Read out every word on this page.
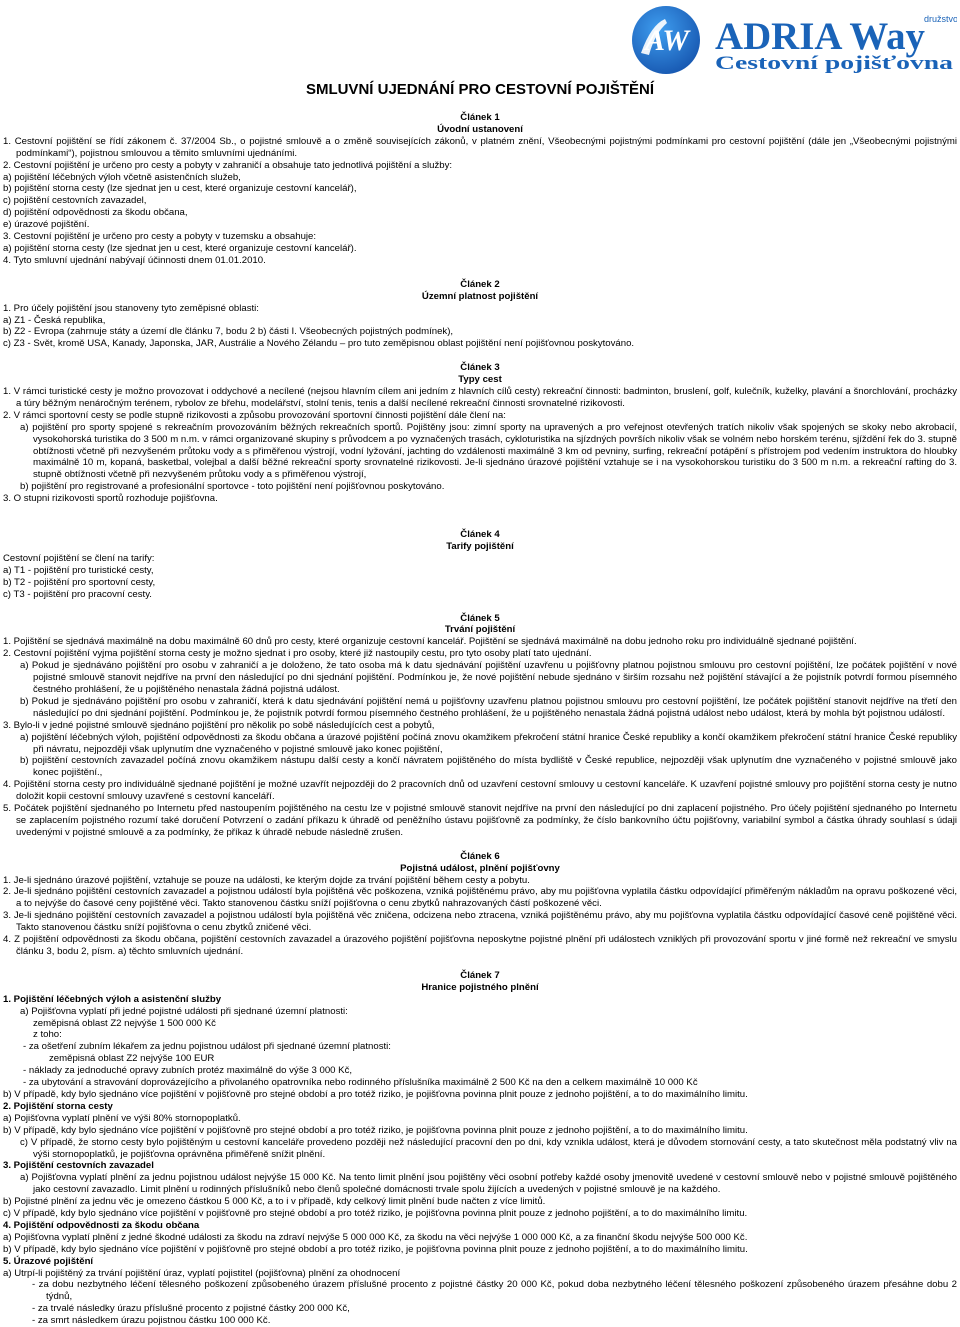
AW ADRIA Way
družstvo
Cestovní pojišťovna
SMLUVNÍ UJEDNÁNÍ PRO CESTOVNÍ POJIŠTĚNÍ
Článek 1
Úvodní ustanovení
1. Cestovní pojištění se řídí zákonem č. 37/2004 Sb., o pojistné smlouvě a o změně souvisejících zákonů, v platném znění, Všeobecnými pojistnými podmínkami pro cestovní pojištění (dále jen „Všeobecnými pojistnými podmínkami“), pojistnou smlouvou a těmito smluvními ujednáními.
2. Cestovní pojištění je určeno pro cesty a pobyty v zahraničí a obsahuje tato jednotlivá pojištění a služby:
a) pojištění léčebných výloh včetně asistenčních služeb,
b) pojištění storna cesty (lze sjednat jen u cest, které organizuje cestovní kancelář),
c) pojištění cestovních zavazadel,
d) pojištění odpovědnosti za škodu občana,
e) úrazové pojištění.
3. Cestovní pojištění je určeno pro cesty a pobyty v tuzemsku a obsahuje:
a) pojištění storna cesty (lze sjednat jen u cest, které organizuje cestovní kancelář).
4. Tyto smluvní ujednání nabývají účinnosti dnem 01.01.2010.
Článek 2
Územní platnost pojištění
1. Pro účely pojištění jsou stanoveny tyto zeměpisné oblasti:
a) Z1 - Česká republika,
b) Z2 - Evropa (zahrnuje státy a území dle článku 7, bodu 2 b) části I. Všeobecných pojistných podmínek),
c) Z3 - Svět, kromě USA, Kanady, Japonska, JAR, Austrálie a Nového Zélandu – pro tuto zeměpisnou oblast pojištění není pojišťovnou poskytováno.
Článek 3
Typy cest
1. V rámci turistické cesty je možno provozovat i oddychové a necílené (nejsou hlavním cílem ani jedním z hlavních cílů cesty) rekreační činnosti: badminton, bruslení, golf, kulečník, kuželky, plavání a šnorchlování, procházky a túry běžným nenáročným terénem, rybolov ze břehu, modelářství, stolní tenis, tenis a další necílené rekreační činnosti srovnatelné rizikovosti.
2. V rámci sportovní cesty se podle stupně rizikovosti a způsobu provozování sportovní činnosti pojištění dále člení na:
a) pojištění pro sporty spojené s rekreačním provozováním běžných rekreačních sportů. Pojištěny jsou: zimní sporty na upravených a pro veřejnost otevřených tratích nikoliv však spojených se skoky nebo akrobacií, vysokohorská turistika do 3 500 m n.m. v rámci organizované skupiny s průvodcem a po vyznačených trasách, cykloturistika na sjízdných površích nikoliv však se volném nebo horském terénu, sjíždění řek do 3. stupně obtížnosti včetně při nezvyšeném průtoku vody a s přiměřenou výstrojí, vodní lyžování, jachting do vzdálenosti maximálně 3 km od pevniny, surfing, rekreační potápění s přístrojem pod vedením instruktora do hloubky maximálně 10 m, kopaná, basketbal, volejbal a další běžné rekreační sporty srovnatelné rizikovosti. Je-li sjednáno úrazové pojištění vztahuje se i na vysokohorskou turistiku do 3 500 m n.m. a rekreační rafting do 3. stupně obtížnosti včetně při nezvyšeném průtoku vody a s přiměřenou výstrojí,
b) pojištění pro registrované a profesionální sportovce - toto pojištění není pojišťovnou poskytováno.
3. O stupni rizikovosti sportů rozhoduje pojišťovna.
Článek 4
Tarify pojištění
Cestovní pojištění se člení na tarify:
a) T1 - pojištění pro turistické cesty,
b) T2 - pojištění pro sportovní cesty,
c) T3 - pojištění pro pracovní cesty.
Článek 5
Trvání pojištění
1. Pojištění se sjednává maximálně na dobu maximálně 60 dnů pro cesty, které organizuje cestovní kancelář. Pojištění se sjednává maximálně na dobu jednoho roku pro individuálně sjednané pojištění.
2. Cestovní pojištění vyjma pojištění storna cesty je možno sjednat i pro osoby, které již nastoupily cestu, pro tyto osoby platí tato ujednání.
a) Pokud je sjednáváno pojištění pro osobu v zahraničí a je doloženo, že tato osoba má k datu sjednávání pojištění uzavřenu u pojišťovny platnou pojistnou smlouvu pro cestovní pojištění, lze počátek pojištění v nové pojistné smlouvě stanovit nejdříve na první den následující po dni sjednání pojištění. Podmínkou je, že nové pojištění nebude sjednáno v širším rozsahu než pojištění stávající a že pojistník potvrdí formou písemného čestného prohlášení, že u pojištěného nenastala žádná pojistná událost.
b) Pokud je sjednáváno pojištění pro osobu v zahraničí, která k datu sjednávání pojištění nemá u pojišťovny uzavřenu platnou pojistnou smlouvu pro cestovní pojištění, lze počátek pojištění stanovit nejdříve na třetí den následující po dni sjednání pojištění. Podmínkou je, že pojistník potvrdí formou písemného čestného prohlášení, že u pojištěného nenastala žádná pojistná událost nebo událost, která by mohla být pojistnou událostí.
3. Bylo-li v jedné pojistné smlouvě sjednáno pojištění pro několik po sobě následujících cest a pobytů,
a) pojištění léčebných výloh, pojištění odpovědnosti za škodu občana a úrazové pojištění počíná znovu okamžikem překročení státní hranice České republiky a končí okamžikem překročení státní hranice České republiky při návratu, nejpozději však uplynutím dne vyznačeného v pojistné smlouvě jako konec pojištění,
b) pojištění cestovních zavazadel počíná znovu okamžikem nástupu další cesty a končí návratem pojištěného do místa bydliště v České republice, nejpozději však uplynutím dne vyznačeného v pojistné smlouvě jako konec pojištění.,
4. Pojištění storna cesty pro individuálně sjednané pojištění je možné uzavřít nejpozději do 2 pracovních dnů od uzavření cestovní smlouvy u cestovní kanceláře. K uzavření pojistné smlouvy pro pojištění storna cesty je nutno doložit kopii cestovní smlouvy uzavřené s cestovní kanceláří.
5. Počátek pojištění sjednaného po Internetu před nastoupením pojištěného na cestu lze v pojistné smlouvě stanovit nejdříve na první den následující po dni zaplacení pojistného. Pro účely pojištění sjednaného po Internetu se zaplacením pojistného rozumí také doručení Potvrzení o zadání příkazu k úhradě od peněžního ústavu pojišťovně za podmínky, že číslo bankovního účtu pojišťovny, variabilní symbol a částka úhrady souhlasí s údaji uvedenými v pojistné smlouvě a za podmínky, že příkaz k úhradě nebude následně zrušen.
Článek 6
Pojistná událost, plnění pojišťovny
1. Je-li sjednáno úrazové pojištění, vztahuje se pouze na události, ke kterým dojde za trvání pojištění během cesty a pobytu.
2. Je-li sjednáno pojištění cestovních zavazadel a pojistnou událostí byla pojištěná věc poškozena, vzniká pojištěnému právo, aby mu pojišťovna vyplatila částku odpovídající přiměřeným nákladům na opravu poškozené věci, a to nejvýše do časové ceny pojištěné věci. Takto stanovenou částku sníží pojišťovna o cenu zbytků nahrazovaných částí poškozené věci.
3. Je-li sjednáno pojištění cestovních zavazadel a pojistnou událostí byla pojištěná věc zničena, odcizena nebo ztracena, vzniká pojištěnému právo, aby mu pojišťovna vyplatila částku odpovídající časové ceně pojištěné věci. Takto stanovenou částku sníží pojišťovna o cenu zbytků zničené věci.
4. Z pojištění odpovědnosti za škodu občana, pojištění cestovních zavazadel a úrazového pojištění pojišťovna neposkytne pojistné plnění při událostech vzniklých při provozování sportu v jiné formě než rekreační ve smyslu článku 3, bodu 2, písm. a) těchto smluvních ujednání.
Článek 7
Hranice pojistného plnění
1. Pojištění léčebných výloh a asistenční služby
a) Pojišťovna vyplatí při jedné pojistné události při sjednané územní platnosti:
zeměpisná oblast Z2 nejvýše 1 500 000 Kč
z toho:
- za ošetření zubním lékařem za jednu pojistnou událost při sjednané územní platnosti:
zeměpisná oblast Z2 nejvýše 100 EUR
- náklady za jednoduché opravy zubních protéz maximálně do výše 3 000 Kč,
- za ubytování a stravování doprovázejícího a přivolaného opatrovníka nebo rodinného příslušníka maximálně 2 500 Kč na den a celkem maximálně 10 000 Kč
b) V případě, kdy bylo sjednáno více pojištění v pojišťovně pro stejné období a pro totéž riziko, je pojišťovna povinna plnit pouze z jednoho pojištění, a to do maximálního limitu.
2. Pojištění storna cesty
a) Pojišťovna vyplatí plnění ve výši 80% stornopoplatků.
b) V případě, kdy bylo sjednáno více pojištění v pojišťovně pro stejné období a pro totéž riziko, je pojišťovna povinna plnit pouze z jednoho pojištění, a to do maximálního limitu.
c) V případě, že storno cesty bylo pojištěným u cestovní kanceláře provedeno později než následující pracovní den po dni, kdy vznikla událost, která je důvodem stornování cesty, a tato skutečnost měla podstatný vliv na výši stornopoplatků, je pojišťovna oprávněna přiměřeně snížit plnění.
3. Pojištění cestovních zavazadel
a) Pojišťovna vyplatí plnění za jednu pojistnou událost nejvýše 15 000 Kč. Na tento limit plnění jsou pojištěny věci osobní potřeby každé osoby jmenovitě uvedené v cestovní smlouvě nebo v pojistné smlouvě pojištěného jako cestovní zavazadlo. Limit plnění u rodinných příslušníků nebo členů společné domácnosti trvale spolu žijících a uvedených v pojistné smlouvě je na každého.
b) Pojistné plnění za jednu věc je omezeno částkou 5 000 Kč, a to i v případě, kdy celkový limit plnění bude načten z více limitů.
c) V případě, kdy bylo sjednáno více pojištění v pojišťovně pro stejné období a pro totéž riziko, je pojišťovna povinna plnit pouze z jednoho pojištění, a to do maximálního limitu.
4. Pojištění odpovědnosti za škodu občana
a) Pojišťovna vyplatí plnění z jedné škodné události za škodu na zdraví nejvýše 5 000 000 Kč, za škodu na věci nejvýše 1 000 000 Kč, a za finanční škodu nejvýše 500 000 Kč.
b) V případě, kdy bylo sjednáno více pojištění v pojišťovně pro stejné období a pro totéž riziko, je pojišťovna povinna plnit pouze z jednoho pojištění, a to do maximálního limitu.
5. Úrazové pojištění
a) Utrpí-li pojištěný za trvání pojištění úraz, vyplatí pojistitel (pojišťovna) plnění za ohodnocení
- za dobu nezbytného léčení tělesného poškození způsobeného úrazem příslušné procento z pojistné částky 20 000 Kč, pokud doba nezbytného léčení tělesného poškození způsobeného úrazem přesáhne dobu 2 týdnů,
- za trvalé následky úrazu příslušné procento z pojistné částky 200 000 Kč,
- za smrt následkem úrazu pojistnou částku 100 000 Kč.
